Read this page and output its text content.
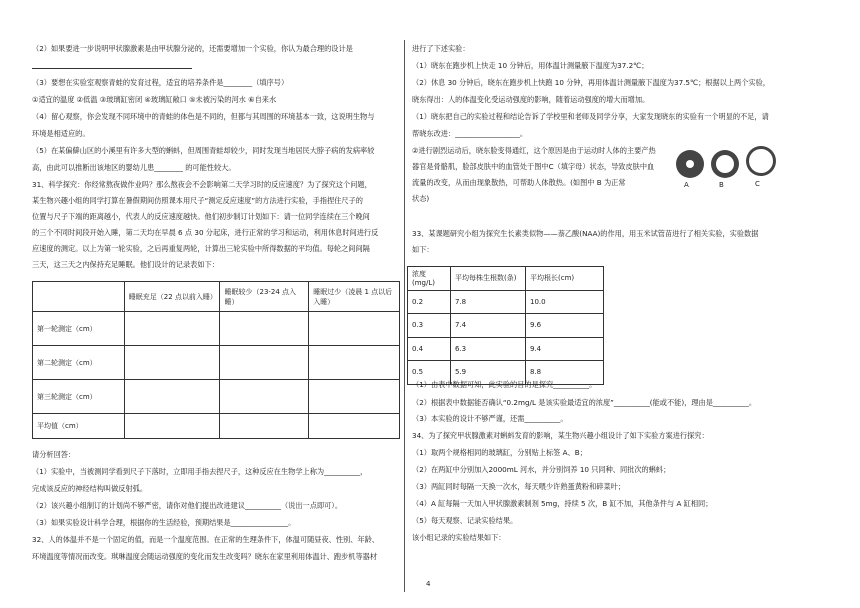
（2）如果要进一步说明甲状腺激素是由甲状腺分泌的，还需要增加一个实验，你认为最合理的设计是
（3）要想在实验室观察青蛙的发育过程，适宜的培养条件是________（填序号）
①适宜的温度 ②低温 ③玻璃缸密闭 ④玻璃缸敞口 ⑤未被污染的河水 ⑥自来水
（4）留心观察，你会发现不同环境中的青蛙的体色是不同的，但都与其周围的环境基本一致，这说明生物与
环境是相适应的。
（5）在某偏僻山区的小溪里有许多大型的蝌蚪，但周围青蛙却较少，同时发现当地居民大脖子病的发病率较
高，由此可以推断出该地区的婴幼儿患________ 的可能性较大。
31、科学探究：你经常熬夜做作业吗？那么熬夜会不会影响第二天学习时的反应速度？为了探究这个问题，
某生物兴趣小组的同学打算在暑假期间仿照课本用尺子“测定反应速度”的方法进行实验，手指捏住尺子的
位置与尺子下端的距离越小，代表人的反应速度越快。他们初步制订计划如下：请一位同学连续在三个晚间
的三个不同时间段开始入睡，第二天均在早晨 6 点 30 分起床，进行正常的学习和运动，利用休息时间进行反
应速度的测定。以上为第一轮实验，之后再重复两轮，计算出三轮实验中所得数据的平均值。每轮之间间隔
三天，这三天之内保持充足睡眠。他们设计的记录表如下：
	睡眠充足（22 点以前入睡）	睡眠较少（23-24 点入睡）	睡眠过少（凌晨 1 点以后入睡）
第一轮测定（cm）			
第二轮测定（cm）			
第三轮测定（cm）			
平均值（cm）			
请分析回答：
（1）实验中，当被测同学看到尺子下落时，立即用手指去捏尺子，这种反应在生物学上称为__________，
完成该反应的神经结构叫做反射弧。
（2）该兴趣小组制订的计划尚不够严密，请你对他们提出改进建议__________（说出一点即可）。
（3）如果实验设计科学合理，根据你的生活经验，预期结果是________________。
32、人的体温并不是一个固定的值，而是一个温度范围。在正常的生理条件下，体温可随昼夜、性别、年龄、
环境温度等情况而改变。琪琳温度会随运动强度的变化而发生改变吗？晓东在家里利用体温计、跑步机等器材
进行了下述实验：
（1）晓东在跑步机上快走 10 分钟后，用体温计测量腋下温度为37.2℃；
（2）休息 30 分钟后，晓东在跑步机上快跑 10 分钟，再用体温计测量腋下温度为37.5℃；根据以上两个实验，
晓东得出：人的体温变化受运动强度的影响，随着运动强度的增大而增加。
（1）晓东把自己的实验过程和结论告诉了学校里和老师及同学分享，大家发现晓东的实验有一个明显的不足，请
帮晓东改进：__________________。
②进行剧烈运动后，晓东脸变得通红，这个原因是由于运动时人体的主要产热
器官是骨骼肌，脸部皮肤中的血管处于图中C（填字母）状态，导致皮肤中血
流量的改变，从而由现象散热，可帮助人体散热。(如图中 B 为正常
状态)
A	B	C
33、某课题研究小组为探究生长素类似物——萘乙酸(NAA)的作用，用玉米试管苗进行了相关实验，实验数据
如下：
浓度(mg/L)	平均每株生根数(条)	平均根长(cm)
0.2	7.8	10.0
0.3	7.4	9.6
0.4	6.3	9.4
0.5	5.9	8.8
（1）由表中数据可知，此实验的目的是探究__________。
（2）根据表中数据能否确认“0.2mg/L 是该实验最适宜的浓度”__________(能或不能)，理由是__________。
（3）本实验的设计不够严谨，还需__________。
34、为了探究甲状腺激素对蝌蚪发育的影响，某生物兴趣小组设计了如下实验方案进行探究：
（1）取两个规格相同的玻璃缸，分别贴上标签 A、B；
（2）在两缸中分别加入2000mL 河水，并分别饲养 10 只同种、同批次的蝌蚪；
（3）两缸同时每隔一天换一次水，每天喂少许熟蛋黄粉和碎菜叶；
（4）A 缸每隔一天加入甲状腺激素制剂 5mg，持续 5 次，B 缸不加，其他条件与 A 缸相同；
（5）每天观察、记录实验结果。
该小组记录的实验结果如下：
4
